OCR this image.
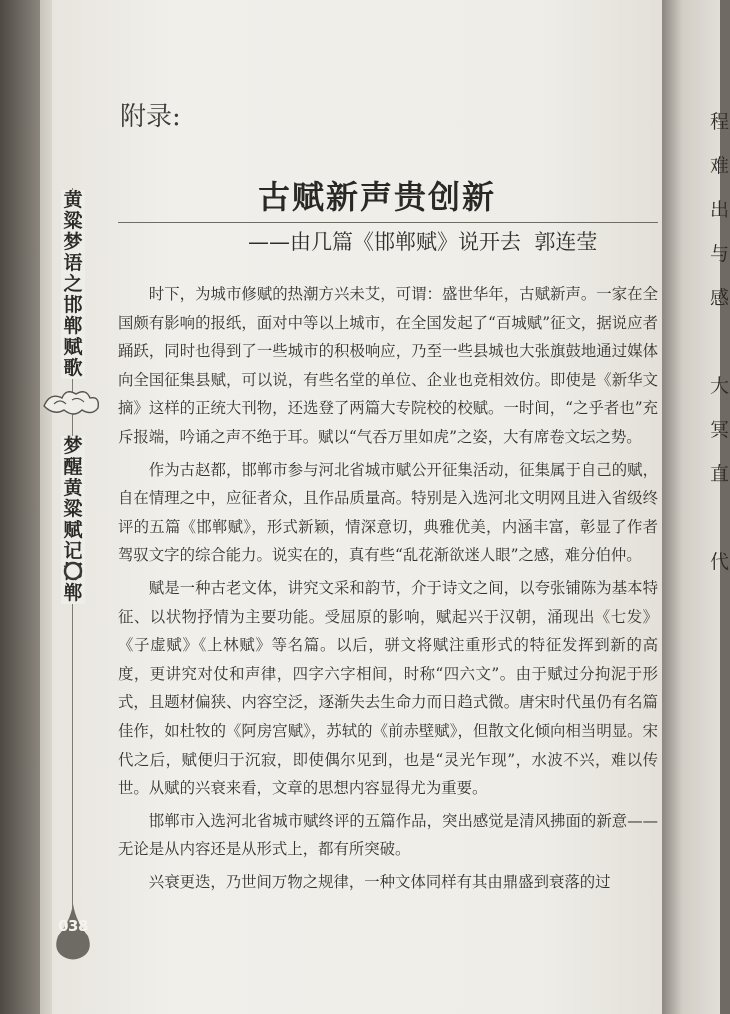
程
难
出
与
感

大
冥
直

代

黄粱梦语之邯郸赋歌
梦醒黄粱 赋记 郸
038
附录:
古赋新声贵创新
——由几篇《邯郸赋》说开去 郭连莹

时下，为城市修赋的热潮方兴未艾，可谓：盛世华年，古赋新声。一家在全国颇有影响的报纸，面对中等以上城市，在全国发起了“百城赋”征文，据说应者踊跃，同时也得到了一些城市的积极响应，乃至一些县城也大张旗鼓地通过媒体向全国征集县赋，可以说，有些名堂的单位、企业也竞相效仿。即使是《新华文摘》这样的正统大刊物，还选登了两篇大专院校的校赋。一时间，“之乎者也”充斥报端，吟诵之声不绝于耳。赋以“气吞万里如虎”之姿，大有席卷文坛之势。

作为古赵都，邯郸市参与河北省城市赋公开征集活动，征集属于自己的赋，自在情理之中，应征者众，且作品质量高。特别是入选河北文明网且进入省级终评的五篇《邯郸赋》，形式新颖，情深意切，典雅优美，内涵丰富，彰显了作者驾驭文字的综合能力。说实在的，真有些“乱花渐欲迷人眼”之感，难分伯仲。

赋是一种古老文体，讲究文采和韵节，介于诗文之间，以夸张铺陈为基本特征、以状物抒情为主要功能。受屈原的影响，赋起兴于汉朝，涌现出《七发》《子虚赋》《上林赋》等名篇。以后，骈文将赋注重形式的特征发挥到新的高度，更讲究对仗和声律，四字六字相间，时称“四六文”。由于赋过分拘泥于形式，且题材偏狭、内容空泛，逐渐失去生命力而日趋式微。唐宋时代虽仍有名篇佳作，如杜牧的《阿房宫赋》，苏轼的《前赤壁赋》，但散文化倾向相当明显。宋代之后，赋便归于沉寂，即使偶尔见到，也是“灵光乍现”，水波不兴，难以传世。从赋的兴衰来看，文章的思想内容显得尤为重要。

邯郸市入选河北省城市赋终评的五篇作品，突出感觉是清风拂面的新意——无论是从内容还是从形式上，都有所突破。

兴衰更迭，乃世间万物之规律，一种文体同样有其由鼎盛到衰落的过
